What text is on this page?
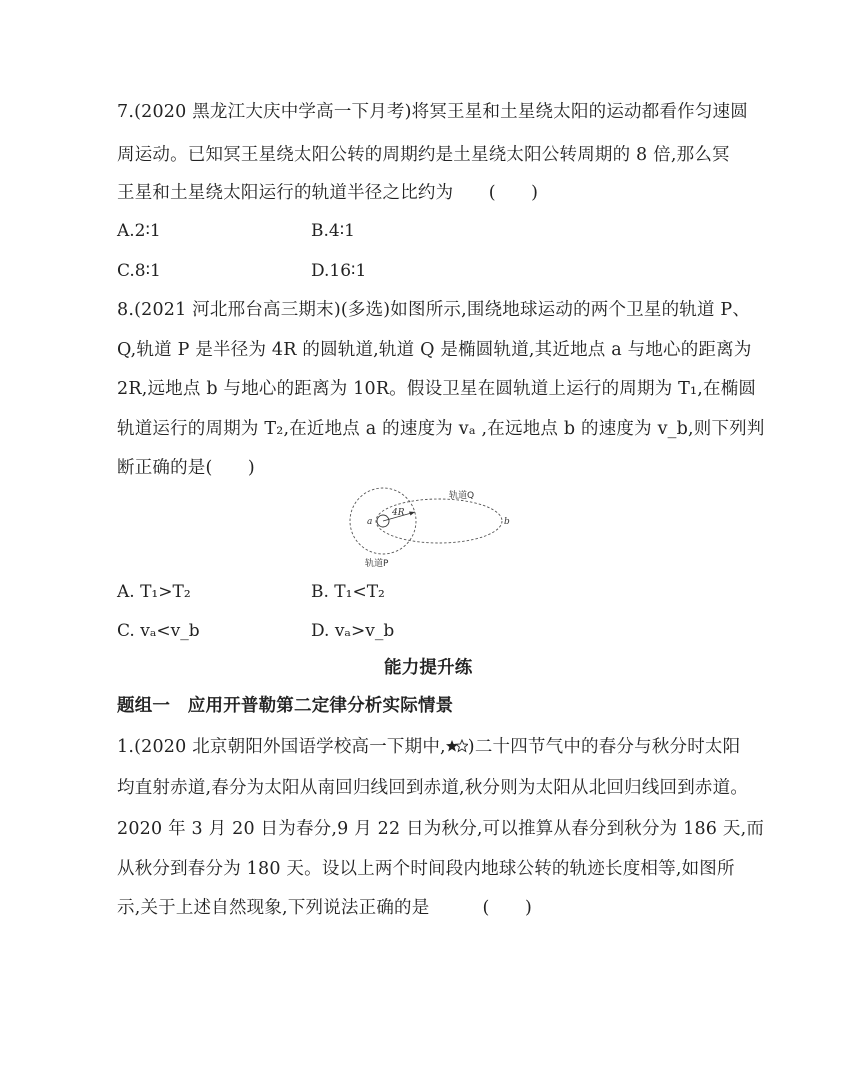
7.(2020 黑龙江大庆中学高一下月考)将冥王星和土星绕太阳的运动都看作匀速圆
周运动。已知冥王星绕太阳公转的周期约是土星绕太阳公转周期的 8 倍,那么冥
王星和土星绕太阳运行的轨道半径之比约为　　(　　)
A.2∶1	B.4∶1
C.8∶1	D.16∶1
8.(2021 河北邢台高三期末)(多选)如图所示,围绕地球运动的两个卫星的轨道 P、
Q,轨道 P 是半径为 4R 的圆轨道,轨道 Q 是椭圆轨道,其近地点 a 与地心的距离为
2R,远地点 b 与地心的距离为 10R。假设卫星在圆轨道上运行的周期为 T₁,在椭圆
轨道运行的周期为 T₂,在近地点 a 的速度为 vₐ ,在远地点 b 的速度为 v_b,则下列判
断正确的是(　　)
4R
a	b
轨道Q
轨道P
A. T₁>T₂	B. T₁<T₂
C. vₐ<v_b	D. vₐ>v_b
能力提升练
题组一　应用开普勒第二定律分析实际情景
1.(2020 北京朝阳外国语学校高一下期中, )二十四节气中的春分与秋分时太阳
均直射赤道,春分为太阳从南回归线回到赤道,秋分则为太阳从北回归线回到赤道。
2020 年 3 月 20 日为春分,9 月 22 日为秋分,可以推算从春分到秋分为 186 天,而
从秋分到春分为 180 天。设以上两个时间段内地球公转的轨迹长度相等,如图所
示,关于上述自然现象,下列说法正确的是　　　(　　)
